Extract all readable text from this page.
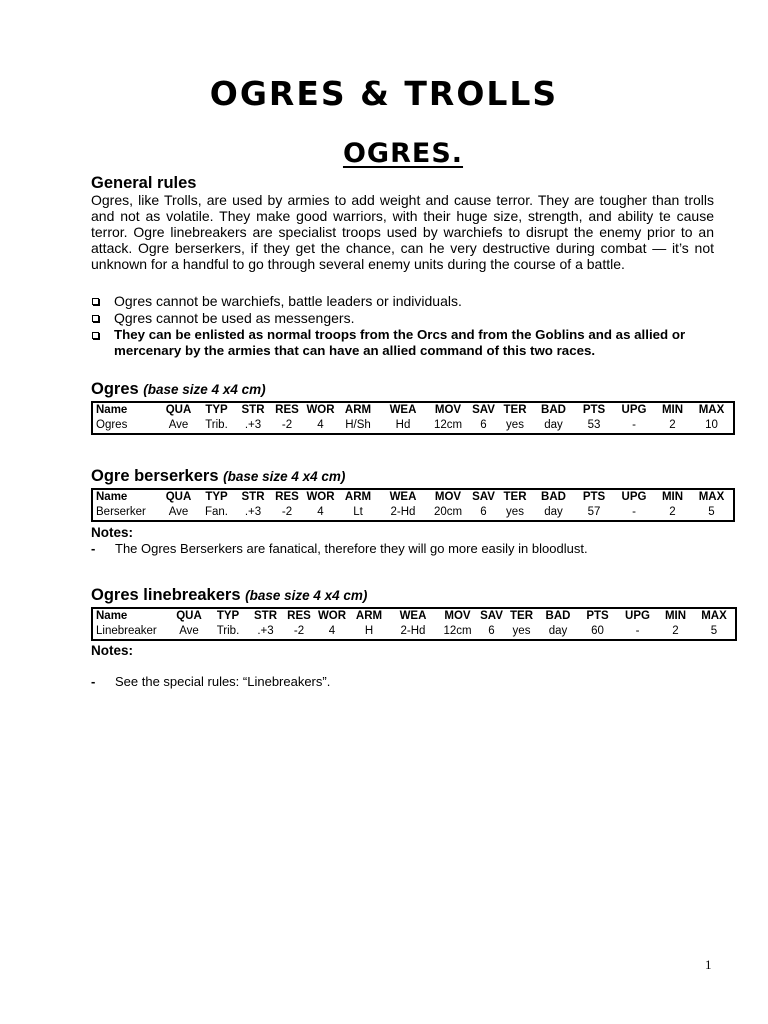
OGRES & TROLLS
OGRES.
General rules
Ogres, like Trolls, are used by armies to add weight and cause terror. They are tougher than trolls and not as volatile. They make good warriors, with their huge size, strength, and ability te cause terror. Ogre linebreakers are specialist troops used by warchiefs to disrupt the enemy prior to an attack. Ogre berserkers, if they get the chance, can he very destructive during combat — it’s not unknown for a handful to go through several enemy units during the course of a battle.
Ogres cannot be warchiefs, battle leaders or individuals.
Qgres cannot be used as messengers.
They can be enlisted as normal troops from the Orcs and from the Goblins and as allied or mercenary by the armies that can have an allied command of this two races.
Ogres (base size 4 x4 cm)
Name	QUA	TYP	STR	RES	WOR	ARM	WEA	MOV	SAV	TER	BAD	PTS	UPG	MIN	MAX
Ogres	Ave	Trib.	.+3	-2	4	H/Sh	Hd	12cm	6	yes	day	53	-	2	10
Ogre berserkers (base size 4 x4 cm)
Name	QUA	TYP	STR	RES	WOR	ARM	WEA	MOV	SAV	TER	BAD	PTS	UPG	MIN	MAX
Berserker	Ave	Fan.	.+3	-2	4	Lt	2-Hd	20cm	6	yes	day	57	-	2	5
Notes:
- The Ogres Berserkers are fanatical, therefore they will go more easily in bloodlust.
Ogres linebreakers (base size 4 x4 cm)
Name	QUA	TYP	STR	RES	WOR	ARM	WEA	MOV	SAV	TER	BAD	PTS	UPG	MIN	MAX
Linebreaker	Ave	Trib.	.+3	-2	4	H	2-Hd	12cm	6	yes	day	60	-	2	5
Notes:
- See the special rules: “Linebreakers”.
1
